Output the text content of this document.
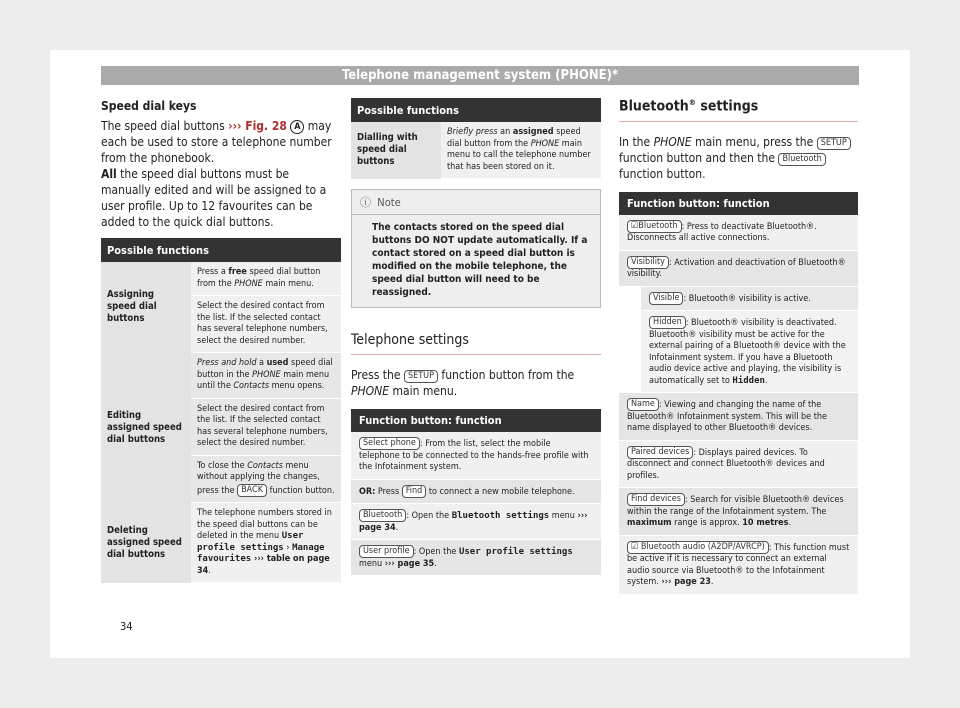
Telephone management system (PHONE)*
Speed dial keys

The speed dial buttons ››› Fig. 28 A may each be used to store a telephone number from the phonebook.

All the speed dial buttons must be manually edited and will be assigned to a user profile. Up to 12 favourites can be added to the quick dial buttons.

Possible functions	
Assigning speed dial buttons	Press a free speed dial button from the PHONE main menu.
	Select the desired contact from the list. If the selected contact has several telephone numbers, select the desired number.
Editing assigned speed dial buttons	Press and hold a used speed dial button in the PHONE main menu until the Contacts menu opens.
	Select the desired contact from the list. If the selected contact has several telephone numbers, select the desired number.
	To close the Contacts menu without applying the changes, press the BACK function button.
Deleting assigned speed dial buttons	The telephone numbers stored in the speed dial buttons can be deleted in the menu User profile settings › Manage favourites ››› table on page 34.
Possible functions
Dialling with speed dial buttons	Briefly press an assigned speed dial button from the PHONE main menu to call the telephone number that has been stored on it.
ⓘ Note
The contacts stored on the speed dial buttons DO NOT update automatically. If a contact stored on a speed dial button is modified on the mobile telephone, the speed dial button will need to be reassigned.
Telephone settings

Press the SETUP function button from the PHONE main menu.

Function button: function
Select phone : From the list, select the mobile telephone to be connected to the hands-free profile with the Infotainment system.
OR: Press Find to connect a new mobile telephone.
Bluetooth : Open the Bluetooth settings menu ››› page 34.
User profile : Open the User profile settings menu ››› page 35.
Bluetooth® settings

In the PHONE main menu, press the SETUP function button and then the Bluetooth function button.

Function button: function
☑Bluetooth : Press to deactivate Bluetooth®. Disconnects all active connections.
Visibility : Activation and deactivation of Bluetooth® visibility.
Visible : Bluetooth® visibility is active.
Hidden : Bluetooth® visibility is deactivated. Bluetooth® visibility must be active for the external pairing of a Bluetooth® device with the Infotainment system. If you have a Bluetooth audio device active and playing, the visibility is automatically set to Hidden.
Name : Viewing and changing the name of the Bluetooth® Infotainment system. This will be the name displayed to other Bluetooth® devices.
Paired devices : Displays paired devices. To disconnect and connect Bluetooth® devices and profiles.
Find devices : Search for visible Bluetooth® devices within the range of the Infotainment system. The maximum range is approx. 10 metres.
☑ Bluetooth audio (A2DP/AVRCP) : This function must be active if it is necessary to connect an external audio source via Bluetooth® to the Infotainment system. ››› page 23.
34
